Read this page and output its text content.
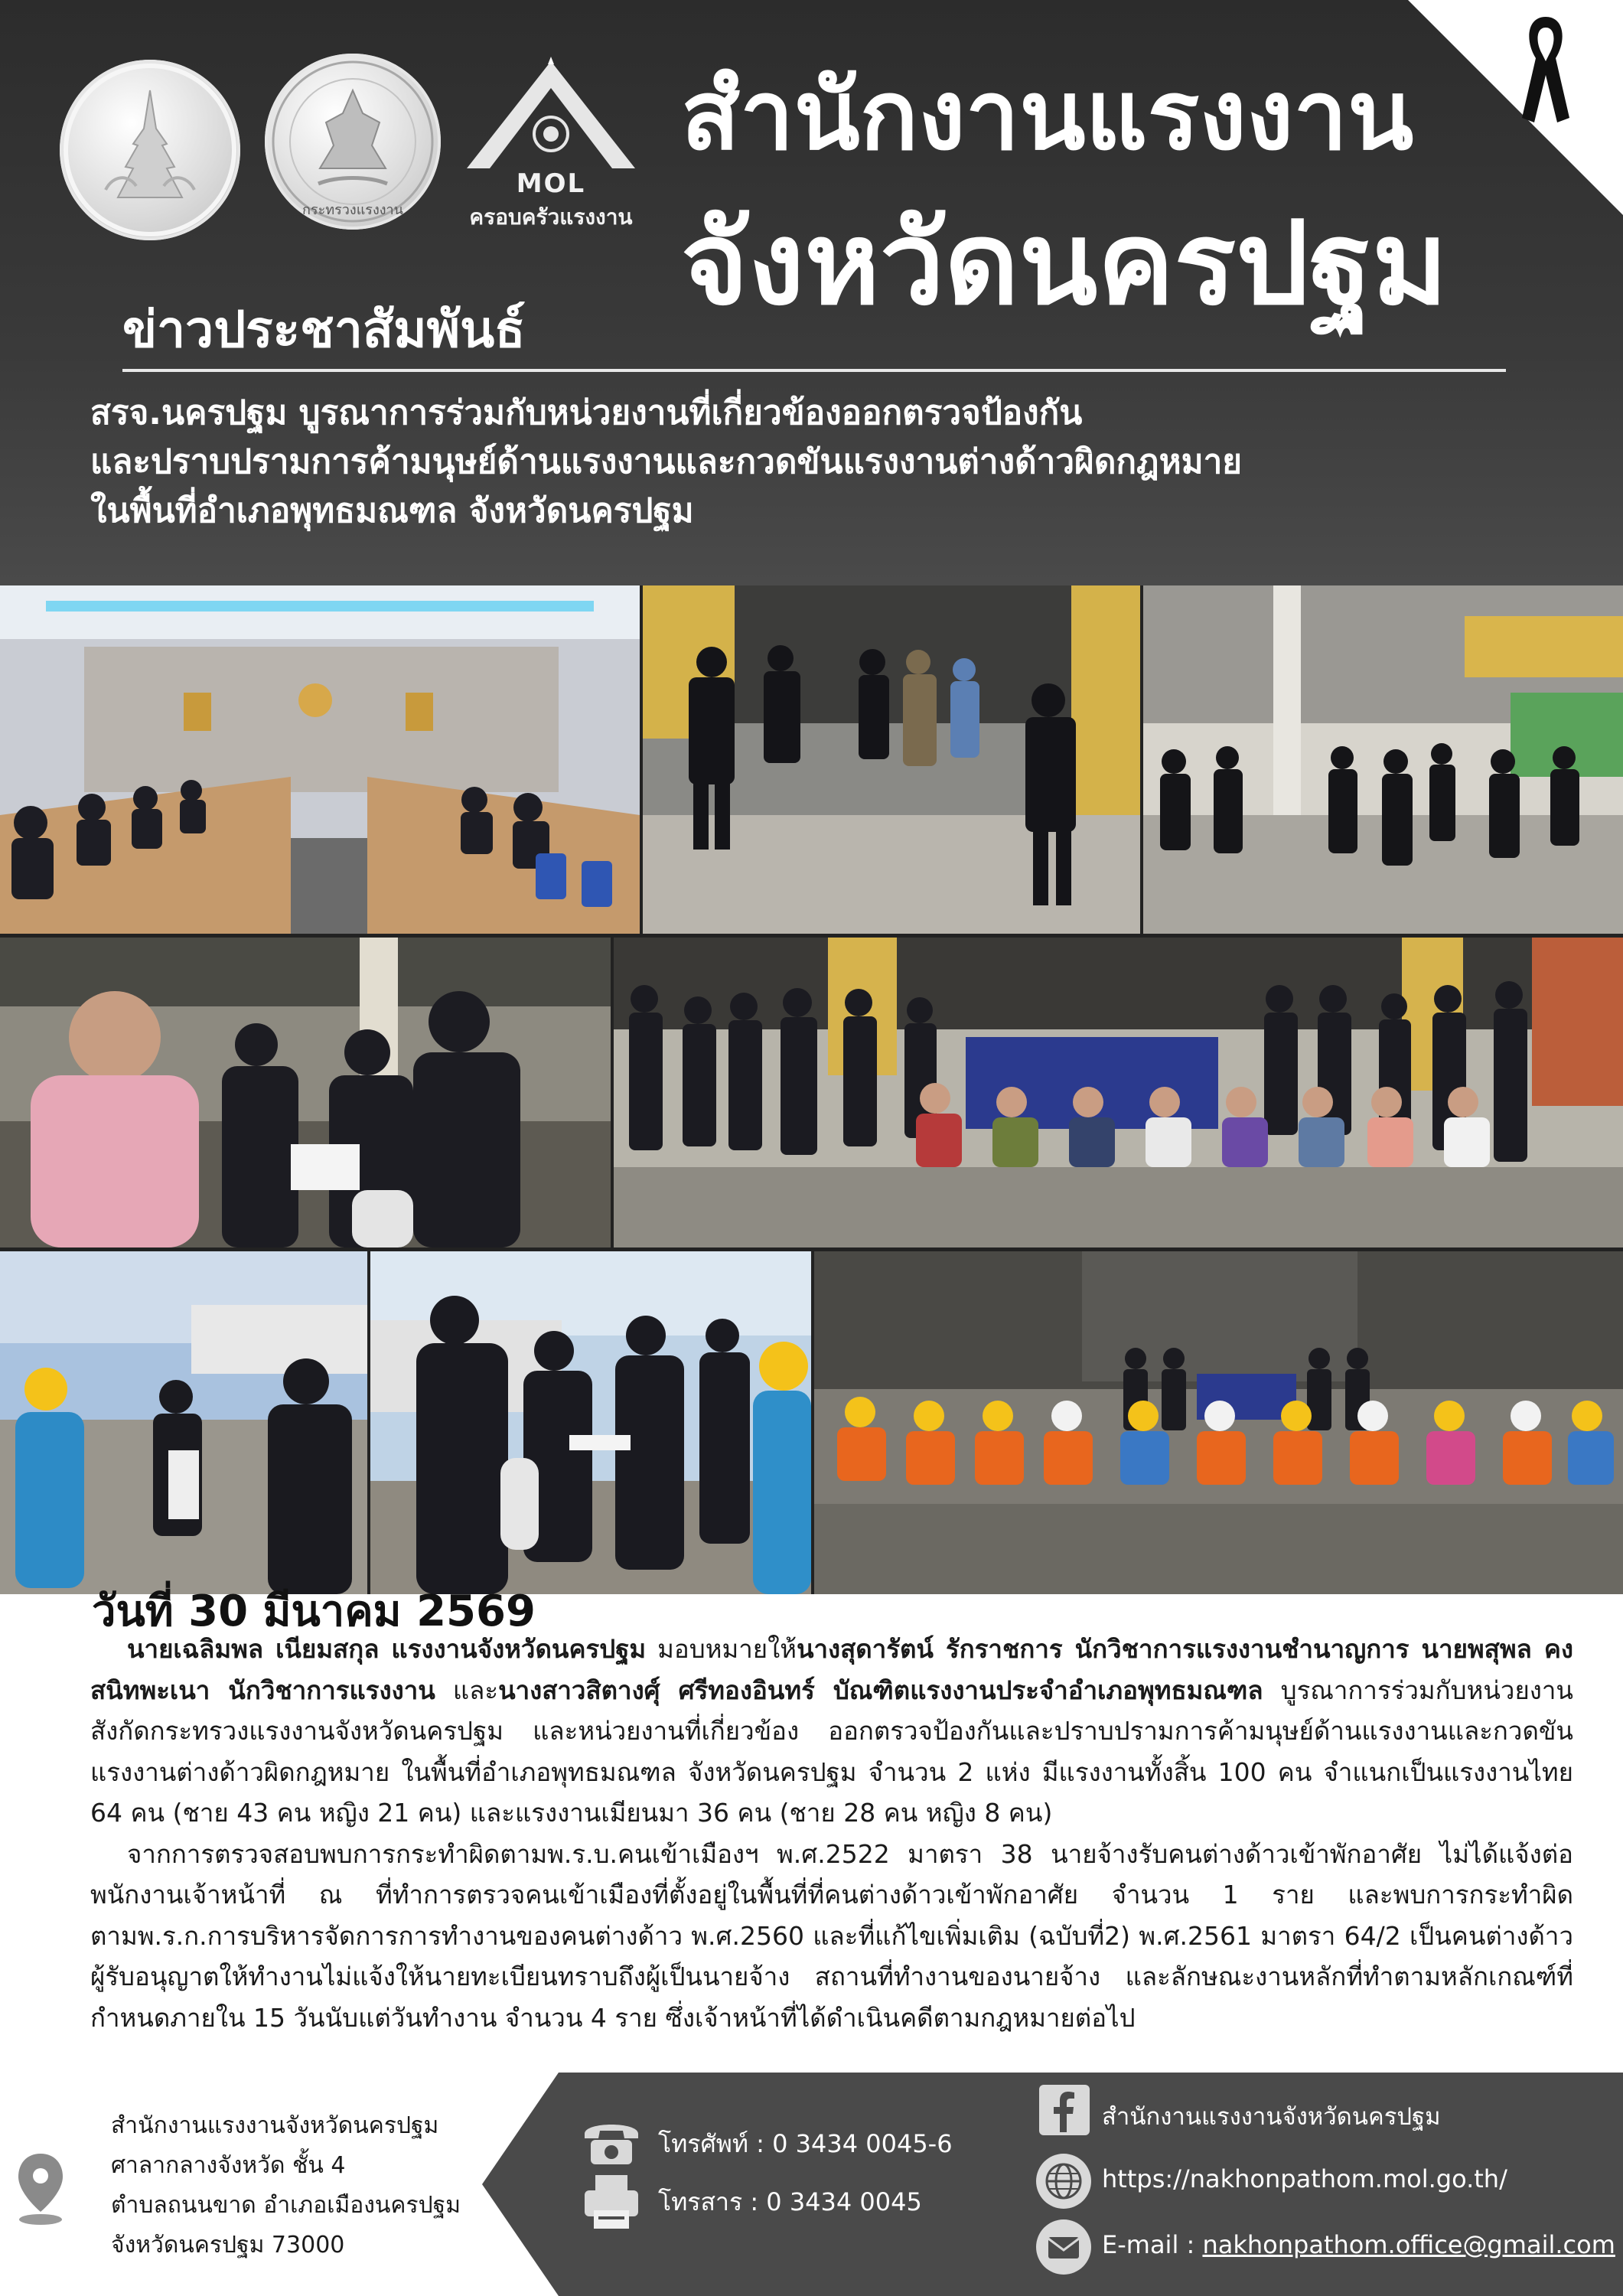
กระทรวงแรงงาน
MOL
ครอบครัวแรงงาน
สำนักงานแรงงาน
จังหวัดนครปฐม
ข่าวประชาสัมพันธ์
สรจ.นครปฐม บูรณาการร่วมกับหน่วยงานที่เกี่ยวข้องออกตรวจป้องกัน
และปราบปรามการค้ามนุษย์ด้านแรงงานและกวดขันแรงงานต่างด้าวผิดกฎหมาย
ในพื้นที่อำเภอพุทธมณฑล จังหวัดนครปฐม
วันที่ 30 มีนาคม 2569

นายเฉลิมพล เนียมสกุล แรงงานจังหวัดนครปฐม มอบหมายให้นางสุดารัตน์ รักราชการ นักวิชาการแรงงานชำนาญการ นายพสุพล คงสนิทพะเนา นักวิชาการแรงงาน และนางสาวสิตางศุ์ ศรีทองอินทร์ บัณฑิตแรงงานประจำอำเภอพุทธมณฑล บูรณาการร่วมกับหน่วยงานสังกัดกระทรวงแรงงานจังหวัดนครปฐม และหน่วยงานที่เกี่ยวข้อง ออกตรวจป้องกันและปราบปรามการค้ามนุษย์ด้านแรงงานและกวดขันแรงงานต่างด้าวผิดกฎหมาย ในพื้นที่อำเภอพุทธมณฑล จังหวัดนครปฐม จำนวน 2 แห่ง มีแรงงานทั้งสิ้น 100 คน จำแนกเป็นแรงงานไทย 64 คน (ชาย 43 คน หญิง 21 คน) และแรงงานเมียนมา 36 คน (ชาย 28 คน หญิง 8 คน)

จากการตรวจสอบพบการกระทำผิดตามพ.ร.บ.คนเข้าเมืองฯ พ.ศ.2522 มาตรา 38 นายจ้างรับคนต่างด้าวเข้าพักอาศัย ไม่ได้แจ้งต่อพนักงานเจ้าหน้าที่ ณ ที่ทำการตรวจคนเข้าเมืองที่ตั้งอยู่ในพื้นที่ที่คนต่างด้าวเข้าพักอาศัย จำนวน 1 ราย และพบการกระทำผิดตามพ.ร.ก.การบริหารจัดการการทำงานของคนต่างด้าว พ.ศ.2560 และที่แก้ไขเพิ่มเติม (ฉบับที่2) พ.ศ.2561 มาตรา 64/2 เป็นคนต่างด้าวผู้รับอนุญาตให้ทำงานไม่แจ้งให้นายทะเบียนทราบถึงผู้เป็นนายจ้าง สถานที่ทำงานของนายจ้าง และลักษณะงานหลักที่ทำตามหลักเกณฑ์ที่กำหนดภายใน 15 วันนับแต่วันทำงาน จำนวน 4 ราย ซึ่งเจ้าหน้าที่ได้ดำเนินคดีตามกฎหมายต่อไป

สำนักงานแรงงานจังหวัดนครปฐม
ศาลากลางจังหวัด ชั้น 4
ตำบลถนนขาด อำเภอเมืองนครปฐม
จังหวัดนครปฐม 73000
โทรศัพท์ : 0 3434 0045-6
โทรสาร : 0 3434 0045
สำนักงานแรงงานจังหวัดนครปฐม
https://nakhonpathom.mol.go.th/
E-mail : nakhonpathom.office@gmail.com
